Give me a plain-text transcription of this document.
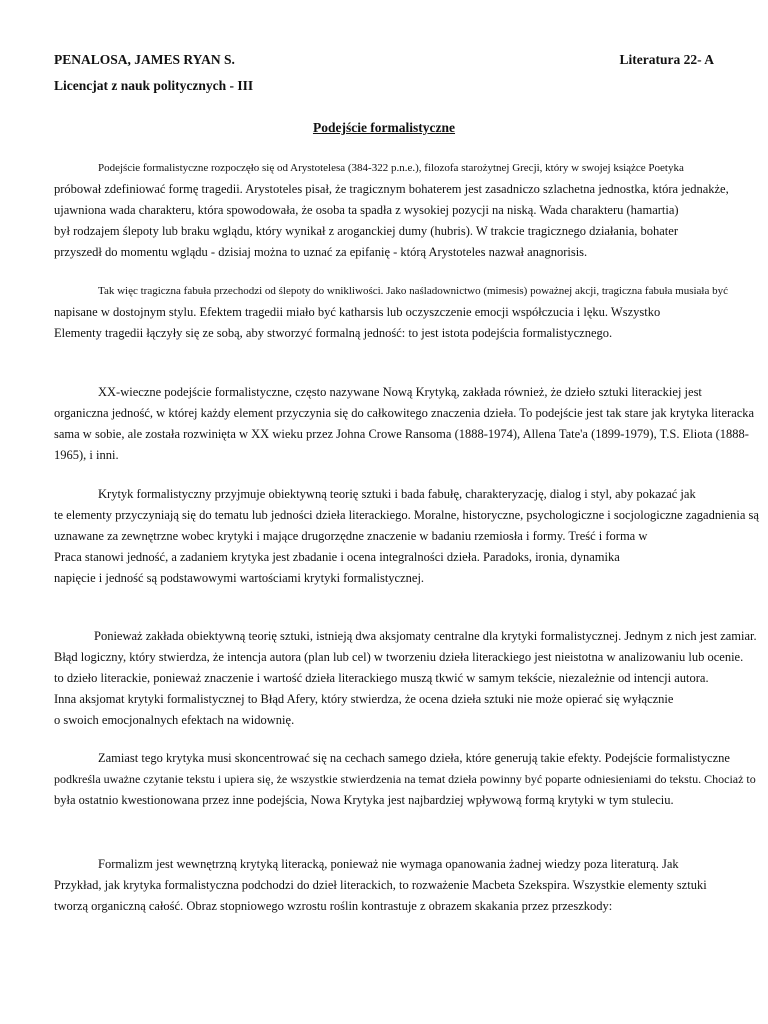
PENALOSA, JAMES RYAN S.	Literatura 22- A
Licencjat z nauk politycznych - III
Podejście formalistyczne
Podejście formalistyczne rozpoczęło się od Arystotelesa (384-322 p.n.e.), filozofa starożytnej Grecji, który w swojej książce Poetyka
próbował zdefiniować formę tragedii. Arystoteles pisał, że tragicznym bohaterem jest zasadniczo szlachetna jednostka, która jednakże,
ujawniona wada charakteru, która spowodowała, że osoba ta spadła z wysokiej pozycji na niską. Wada charakteru (hamartia)
był rodzajem ślepoty lub braku wglądu, który wynikał z aroganckiej dumy (hubris). W trakcie tragicznego działania, bohater
przyszedł do momentu wglądu - dzisiaj można to uznać za epifanię - którą Arystoteles nazwał anagnorisis.
Tak więc tragiczna fabuła przechodzi od ślepoty do wnikliwości. Jako naśladownictwo (mimesis) poważnej akcji, tragiczna fabuła musiała być
napisane w dostojnym stylu. Efektem tragedii miało być katharsis lub oczyszczenie emocji współczucia i lęku. Wszystko
Elementy tragedii łączyły się ze sobą, aby stworzyć formalną jedność: to jest istota podejścia formalistycznego.
XX-wieczne podejście formalistyczne, często nazywane Nową Krytyką, zakłada również, że dzieło sztuki literackiej jest
organiczna jedność, w której każdy element przyczynia się do całkowitego znaczenia dzieła. To podejście jest tak stare jak krytyka literacka
sama w sobie, ale została rozwinięta w XX wieku przez Johna Crowe Ransoma (1888-1974), Allena Tate'a (1899-1979), T.S. Eliota (1888-
1965), i inni.
Krytyk formalistyczny przyjmuje obiektywną teorię sztuki i bada fabułę, charakteryzację, dialog i styl, aby pokazać jak
te elementy przyczyniają się do tematu lub jedności dzieła literackiego. Moralne, historyczne, psychologiczne i socjologiczne zagadnienia są
uznawane za zewnętrzne wobec krytyki i mające drugorzędne znaczenie w badaniu rzemiosła i formy. Treść i forma w
Praca stanowi jedność, a zadaniem krytyka jest zbadanie i ocena integralności dzieła. Paradoks, ironia, dynamika
napięcie i jedność są podstawowymi wartościami krytyki formalistycznej.
Ponieważ zakłada obiektywną teorię sztuki, istnieją dwa aksjomaty centralne dla krytyki formalistycznej. Jednym z nich jest zamiar.
Błąd logiczny, który stwierdza, że intencja autora (plan lub cel) w tworzeniu dzieła literackiego jest nieistotna w analizowaniu lub ocenie.
to dzieło literackie, ponieważ znaczenie i wartość dzieła literackiego muszą tkwić w samym tekście, niezależnie od intencji autora.
Inna aksjomat krytyki formalistycznej to Błąd Afery, który stwierdza, że ocena dzieła sztuki nie może opierać się wyłącznie
o swoich emocjonalnych efektach na widownię.
Zamiast tego krytyka musi skoncentrować się na cechach samego dzieła, które generują takie efekty. Podejście formalistyczne
podkreśla uważne czytanie tekstu i upiera się, że wszystkie stwierdzenia na temat dzieła powinny być poparte odniesieniami do tekstu. Chociaż to
była ostatnio kwestionowana przez inne podejścia, Nowa Krytyka jest najbardziej wpływową formą krytyki w tym stuleciu.
Formalizm jest wewnętrzną krytyką literacką, ponieważ nie wymaga opanowania żadnej wiedzy poza literaturą. Jak
Przykład, jak krytyka formalistyczna podchodzi do dzieł literackich, to rozważenie Macbeta Szekspira. Wszystkie elementy sztuki
tworzą organiczną całość. Obraz stopniowego wzrostu roślin kontrastuje z obrazem skakania przez przeszkody:
